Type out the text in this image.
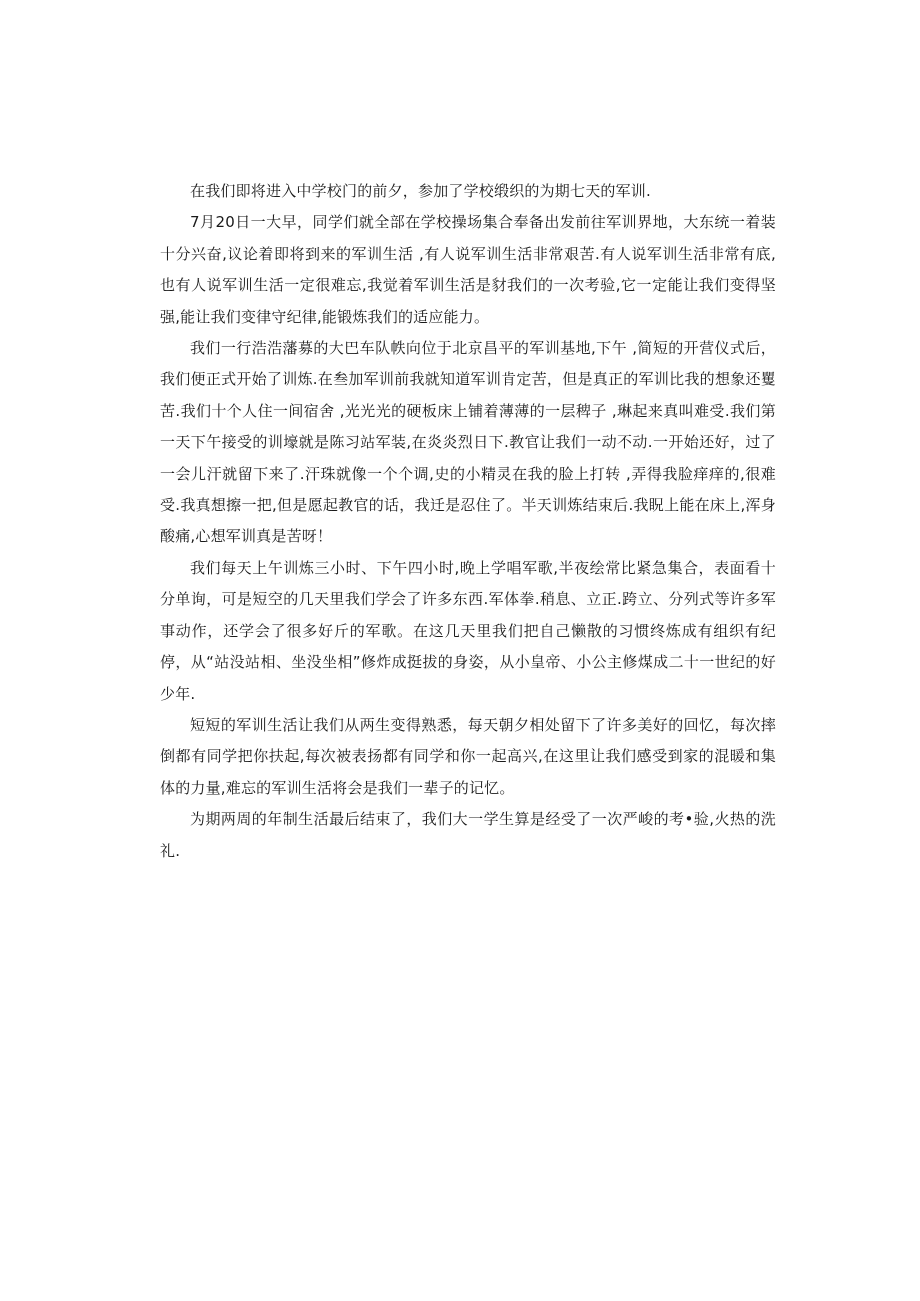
在我们即将进入中学校门的前夕，参加了学校缎织的为期七天的军训.

7月20日一大早，同学们就全部在学校操场集合奉备出发前往军训界地，大东统一着装十分兴奋,议论着即将到来的军训生活 ,有人说军训生活非常艰苦.有人说军训生活非常有底,也有人说军训生活一定很难忘,我觉着军训生活是豺我们的一次考验,它一定能让我们变得坚强,能让我们变律守纪律,能锻炼我们的适应能力。

我们一行浩浩藩募的大巴车队帙向位于北京昌平的军训基地,下午 ,简短的开营仪式后，我们便正式开始了训炼.在叁加军训前我就知道军训肯定苦，但是真正的军训比我的想象还矍苦.我们十个人住一间宿舍 ,光光光的硬板床上铺着薄薄的一层稗子 ,琳起来真叫难受.我们第一天下午接受的训壕就是陈习站军装,在炎炎烈日下.教官让我们一动不动.一开始还好，过了一会儿汗就留下来了.汗珠就像一个个调,史的小精灵在我的脸上打转 ,弄得我脸痒痒的,很难受.我真想擦一把,但是愿起教官的话，我迁是忍住了。半天训炼结束后.我眖上能在床上,浑身酸痛,心想军训真是苦呀！

我们每天上午训炼三小时、下午四小时,晚上学唱军歌,半夜绘常比紧急集合，表面看十分单询，可是短空的几天里我们学会了许多东西.军体拳.稍息、立正.跨立、分列式等许多军事动作，还学会了很多好斤的军歌。在这几天里我们把自己懒散的习惯终炼成有组织有纪停，从“站没站相、坐没坐相”修炸成挺拔的身姿，从小皇帝、小公主修煤成二十一世纪的好少年.

短短的军训生活让我们从两生变得熟悉，每天朝夕相处留下了许多美好的回忆，每次摔倒都有同学把你扶起,每次被表扬都有同学和你一起高兴,在这里让我们感受到家的混暖和集体的力量,难忘的军训生活将会是我们一辈子的记忆。

为期两周的年制生活最后结束了，我们大一学生算是经受了一次严峻的考•验,火热的洗礼.
